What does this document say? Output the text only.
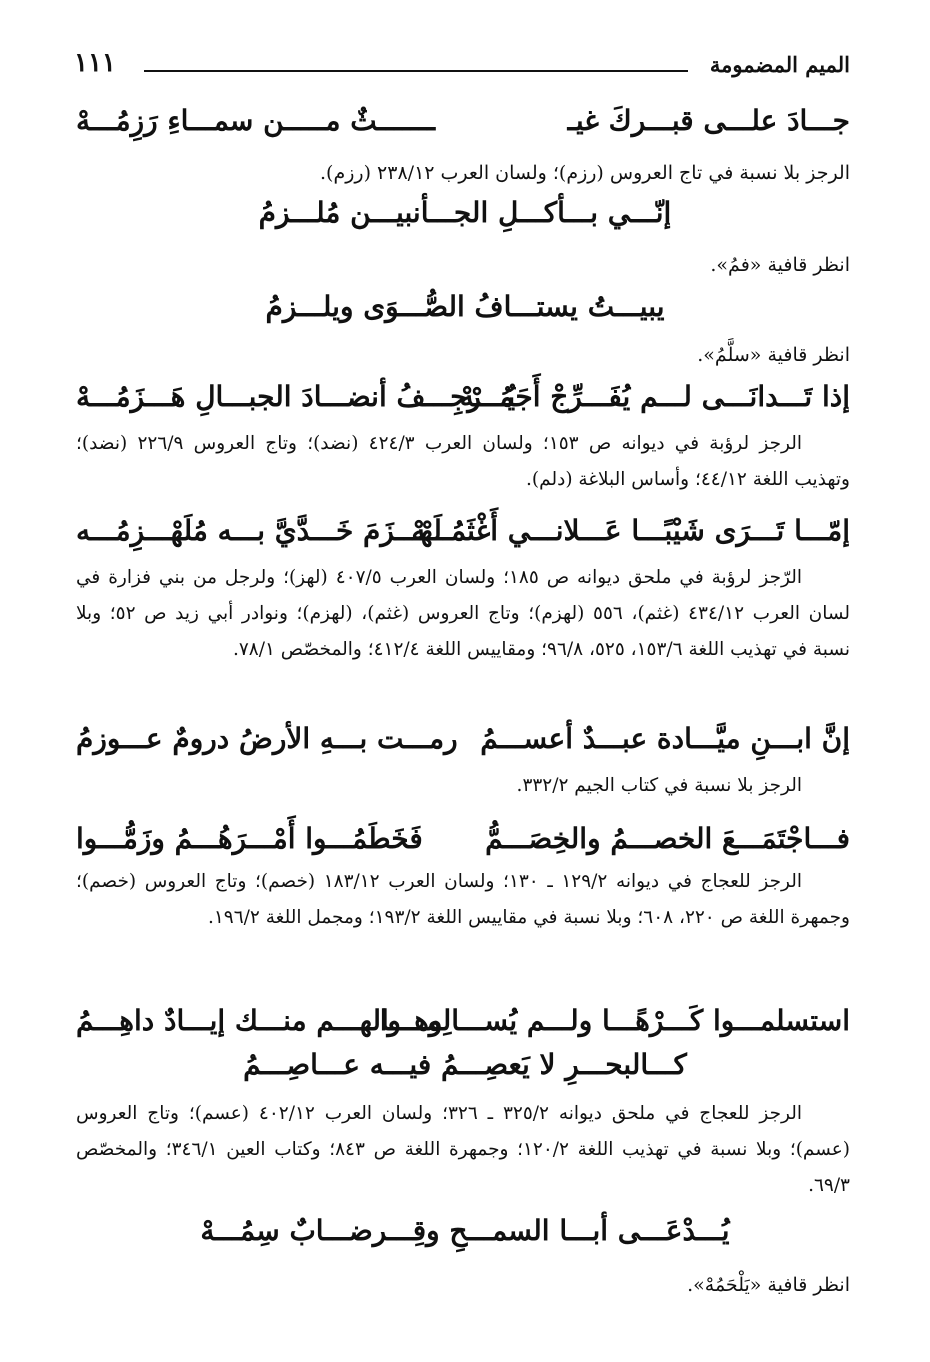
الميم المضمومة
١١١
جـــادَ علـــى قبـــركَ غيـ
ـــــــثٌ مـــــن سمـــاءِ رَزِمُـــهْ
الرجز بلا نسبة في تاج العروس (رزم)؛ ولسان العرب ٢٣٨/١٢ (رزم).
إنّـــي بـــأكـــلِ الجـــأنبيـــن مُلـــزمُ
انظر قافية «فمُ».
يبيـــتُ يستـــافُ الصُّـــوَى ويلـــزمُ
انظر قافية «سلَّمُ».
إذا تَـــدانَـــى لـــم يُفَـــرِّجْ أَجَمُـــهْ
يُـــرْجِـــفُ أنضـــادَ الجبـــالِ هَـــزَمُـــهْ
الرجز لرؤبة في ديوانه ص ١٥٣؛ ولسان العرب ٤٢٤/٣ (نضد)؛ وتاج العروس ٢٢٦/٩ (نضد)؛ وتهذيب اللغة ٤٤/١٢؛ وأساس البلاغة (دلم).
إمّـــا تَـــرَى شَيْبًـــا عَـــلانـــي أَغْثَمُـــهْ
لَهْـــزَمَ خَـــدَّيَّ بـــه مُلَهْـــزِمُـــه
الرّجز لرؤبة في ملحق ديوانه ص ١٨٥؛ ولسان العرب ٤٠٧/٥ (لهز)؛ ولرجل من بني فزارة في لسان العرب ٤٣٤/١٢ (غثم)، ٥٥٦ (لهزم)؛ وتاج العروس (غثم)، (لهزم)؛ ونوادر أبي زيد ص ٥٢؛ وبلا نسبة في تهذيب اللغة ١٥٣/٦، ٥٢٥، ٩٦/٨؛ ومقاييس اللغة ٤١٢/٤؛ والمخصّص ٧٨/١.
إنَّ ابـــنِ ميَّـــادة عبـــدٌ أعســـمُ
رمـــت بـــهِ الأرضُ درومٌ عـــوزمُ
الرجز بلا نسبة في كتاب الجيم ٣٣٢/٢.
فـــاجْتَمَـــعَ الخصـــمُ والخِصَـــمُّ
فَخَطَمُـــوا أَمْـــرَهُـــمُ وزَمُّـــوا
الرجز للعجاج في ديوانه ١٢٩/٢ ـ ١٣٠؛ ولسان العرب ١٨٣/١٢ (خصم)؛ وتاج العروس (خصم)؛ وجمهرة اللغة ص ٢٢٠، ٦٠٨؛ وبلا نسبة في مقاييس اللغة ١٩٣/٢؛ ومجمل اللغة ١٩٦/٢.
استسلمـــوا كَـــرْهًـــا ولـــم يُســـالِمـــوا
وهـــالهـــم منـــك إيـــادٌ داهِـــمُ
كـــالبحـــرِ لا يَعصِـــمُ فيـــه عـــاصِـــمُ
الرجز للعجاج في ملحق ديوانه ٣٢٥/٢ ـ ٣٢٦؛ ولسان العرب ٤٠٢/١٢ (عسم)؛ وتاج العروس (عسم)؛ وبلا نسبة في تهذيب اللغة ١٢٠/٢؛ وجمهرة اللغة ص ٨٤٣؛ وكتاب العين ٣٤٦/١؛ والمخصّص ٦٩/٣.
يُـــدْعَـــى أبـــا السمـــحِ وقِـــرضـــابٌ سِمُـــهْ
انظر قافية «يَلْحَمُهْ».
